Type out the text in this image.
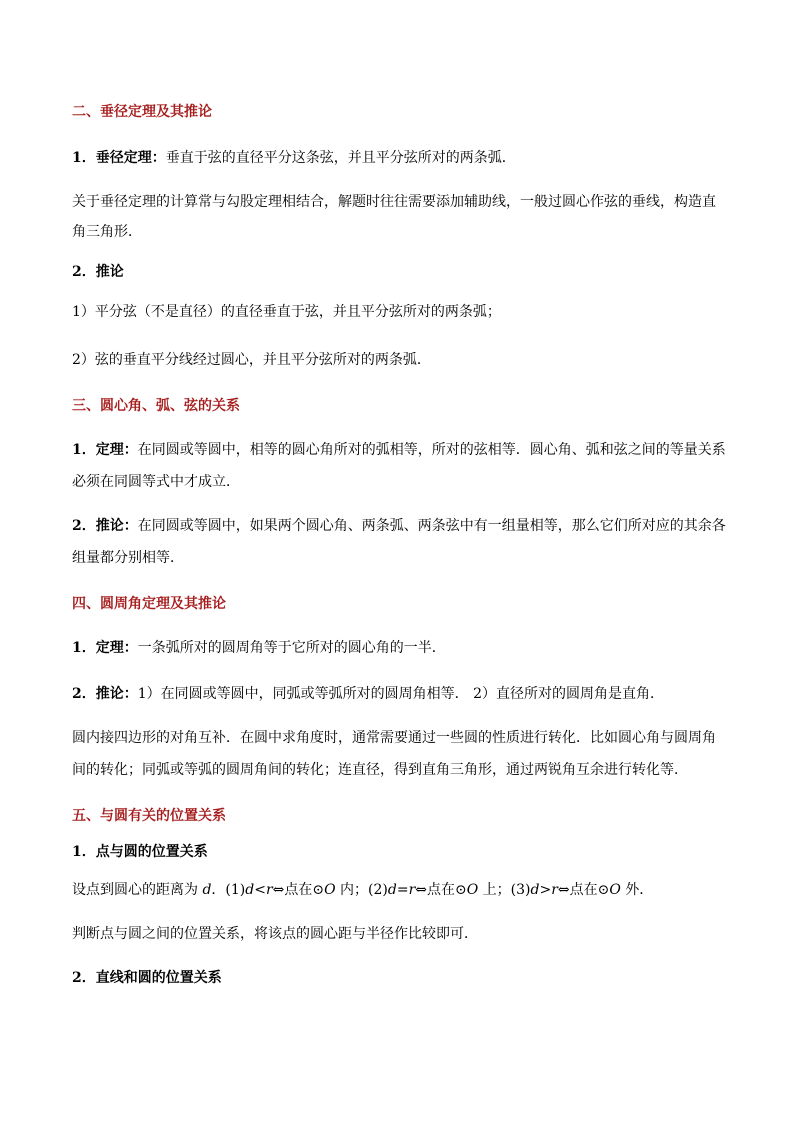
二、垂径定理及其推论

1．垂径定理：垂直于弦的直径平分这条弦，并且平分弦所对的两条弧．

关于垂径定理的计算常与勾股定理相结合，解题时往往需要添加辅助线，一般过圆心作弦的垂线，构造直

角三角形．

2．推论

1）平分弦（不是直径）的直径垂直于弦，并且平分弦所对的两条弧；

2）弦的垂直平分线经过圆心，并且平分弦所对的两条弧．

三、圆心角、弧、弦的关系

1．定理：在同圆或等圆中，相等的圆心角所对的弧相等，所对的弦相等．圆心角、弧和弦之间的等量关系

必须在同圆等式中才成立．

2．推论：在同圆或等圆中，如果两个圆心角、两条弧、两条弦中有一组量相等，那么它们所对应的其余各

组量都分别相等．

四、圆周角定理及其推论

1．定理：一条弧所对的圆周角等于它所对的圆心角的一半．

2．推论：1）在同圆或等圆中，同弧或等弧所对的圆周角相等． 2）直径所对的圆周角是直角．

圆内接四边形的对角互补．在圆中求角度时，通常需要通过一些圆的性质进行转化．比如圆心角与圆周角

间的转化；同弧或等弧的圆周角间的转化；连直径，得到直角三角形，通过两锐角互余进行转化等．

五、与圆有关的位置关系

1．点与圆的位置关系

设点到圆心的距离为 d．(1)d<r⇔点在⊙O 内；(2)d=r⇔点在⊙O 上；(3)d>r⇔点在⊙O 外．

判断点与圆之间的位置关系，将该点的圆心距与半径作比较即可．

2．直线和圆的位置关系
